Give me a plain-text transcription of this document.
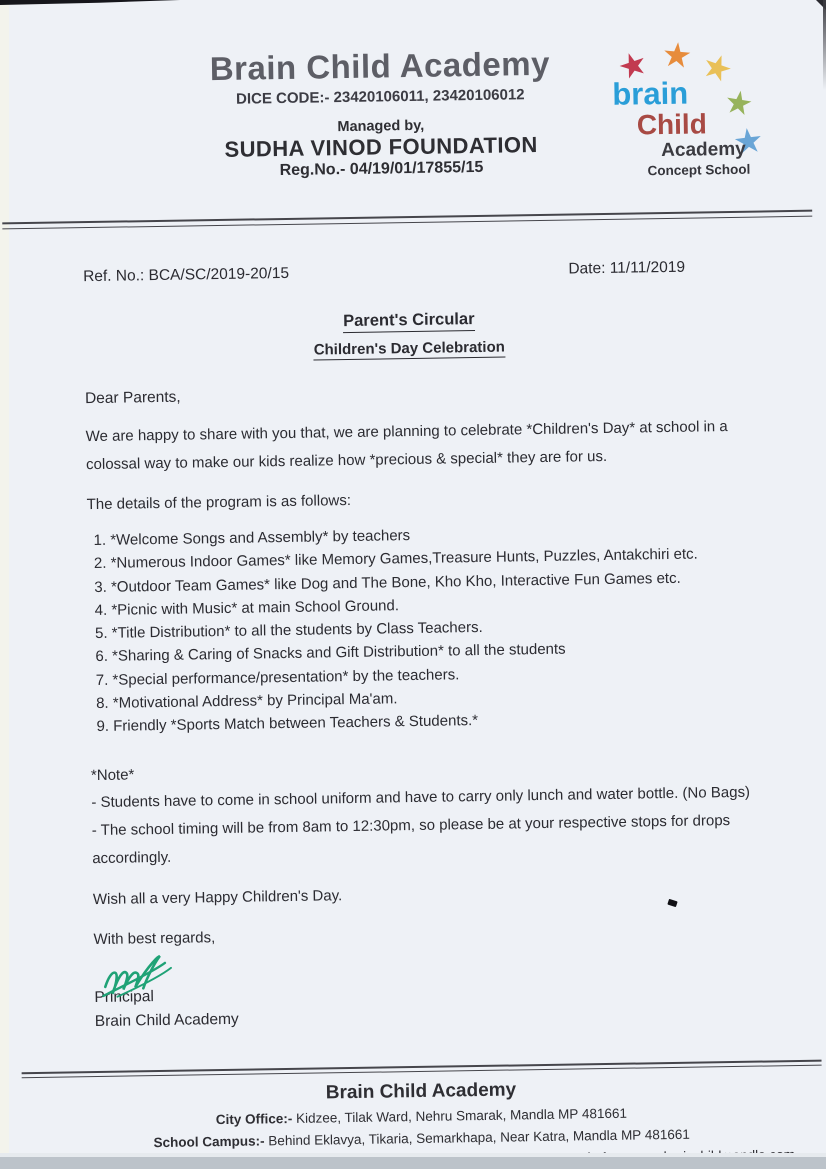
Brain Child Academy
DICE CODE:- 23420106011, 23420106012
Managed by,
SUDHA VINOD FOUNDATION
Reg.No.- 04/19/01/17855/15
★ ★ ★
★
★
brain
Child
Academy
Concept School
Ref. No.: BCA/SC/2019-20/15	Date: 11/11/2019
Parent's Circular
Children's Day Celebration
Dear Parents,
We are happy to share with you that, we are planning to celebrate *Children's Day* at school in a colossal way to make our kids realize how *precious & special* they are for us.
The details of the program is as follows:
1. *Welcome Songs and Assembly* by teachers
2. *Numerous Indoor Games* like Memory Games,Treasure Hunts, Puzzles, Antakchiri etc.
3. *Outdoor Team Games* like Dog and The Bone, Kho Kho, Interactive Fun Games etc.
4. *Picnic with Music* at main School Ground.
5. *Title Distribution* to all the students by Class Teachers.
6. *Sharing & Caring of Snacks and Gift Distribution* to all the students
7. *Special performance/presentation* by the teachers.
8. *Motivational Address* by Principal Ma'am.
9. Friendly *Sports Match between Teachers & Students.*
*Note*
- Students have to come in school uniform and have to carry only lunch and water bottle. (No Bags)
- The school timing will be from 8am to 12:30pm, so please be at your respective stops for drops accordingly.
Wish all a very Happy Children's Day.
With best regards,
Principal
Brain Child Academy
Brain Child Academy
City Office:- Kidzee, Tilak Ward, Nehru Smarak, Mandla MP 481661
School Campus:- Behind Eklavya, Tikaria, Semarkhapa, Near Katra, Mandla MP 481661
